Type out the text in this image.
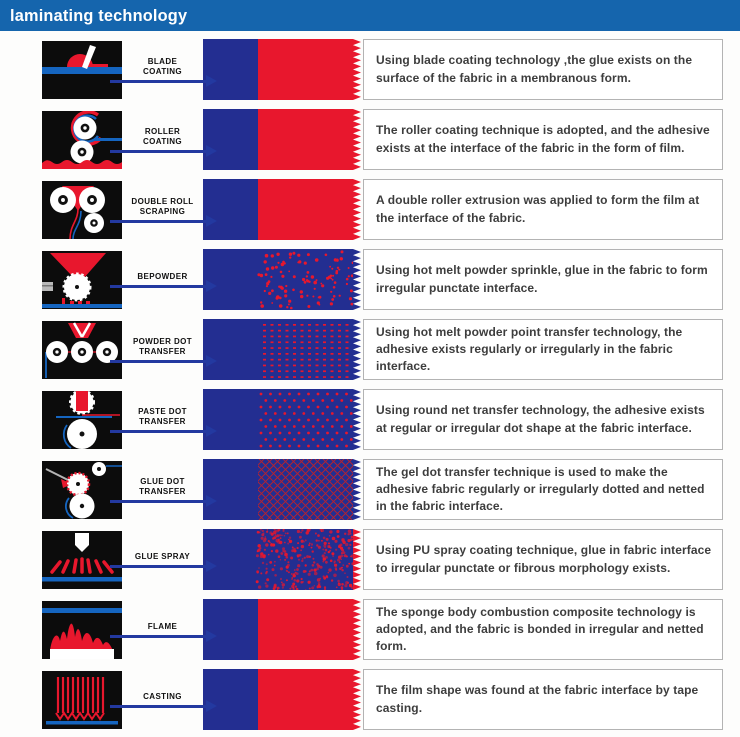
laminating technology
BLADE COATING
Using blade coating technology ,the glue exists on the surface of the fabric in a membranous form.
ROLLER COATING
The roller coating technique is adopted, and the adhesive exists at the interface of the fabric in the form of film.
DOUBLE ROLL SCRAPING
A double roller extrusion was applied to form the film at the interface of the fabric.
BEPOWDER	Using hot melt powder sprinkle, glue in the fabric to form irregular punctate interface.
POWDER DOT TRANSFER
Using hot melt powder point transfer technology, the adhesive exists regularly or irregularly in the fabric interface.
PASTE DOT TRANSFER
Using round net transfer technology, the adhesive exists at regular or irregular dot shape at the fabric interface.
GLUE DOT TRANSFER
The gel dot transfer technique is used to make the adhesive fabric regularly or irregularly dotted and netted in the fabric interface.
GLUE SPRAY	Using PU spray coating technique, glue in fabric interface to irregular punctate or fibrous morphology exists.
FLAME
The sponge body combustion composite technology is adopted, and the fabric is bonded in irregular and netted form.
CASTING	The film shape was found at the fabric interface by tape casting.
